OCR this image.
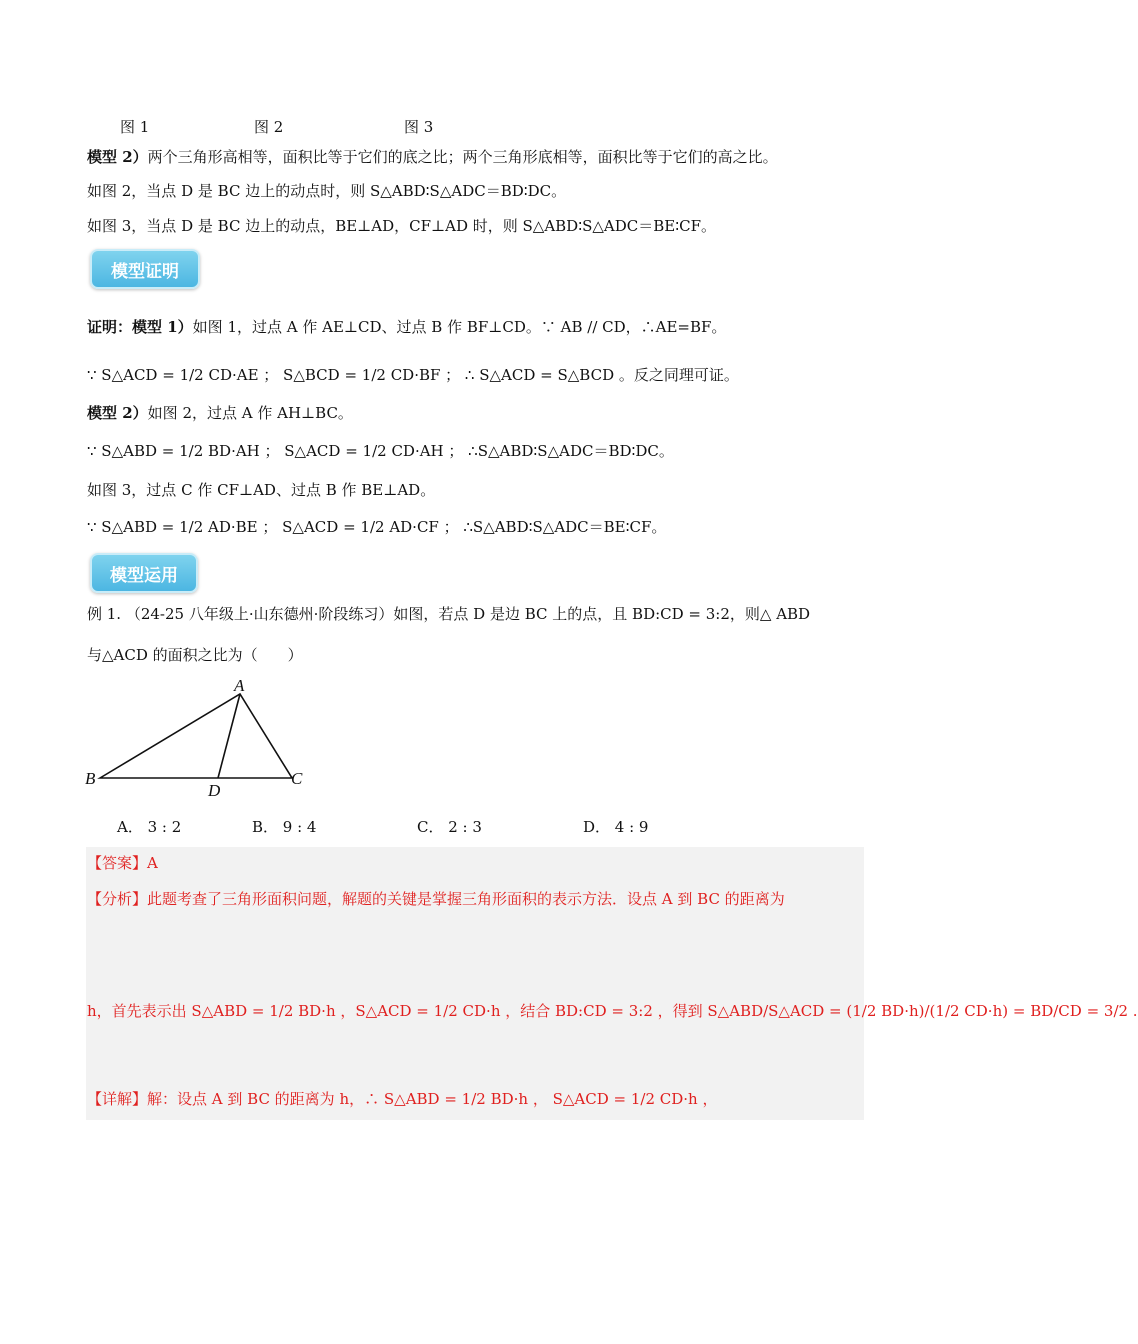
图 1	图 2	图 3
模型 2）两个三角形高相等，面积比等于它们的底之比；两个三角形底相等，面积比等于它们的高之比。
如图 2，当点 D 是 BC 边上的动点时，则 S△ABD∶S△ADC＝BD∶DC。
如图 3，当点 D 是 BC 边上的动点，BE⊥AD，CF⊥AD 时，则 S△ABD∶S△ADC＝BE∶CF。
模型证明
证明：模型 1）如图 1，过点 A 作 AE⊥CD、过点 B 作 BF⊥CD。∵ AB // CD，∴AE=BF。
∵ S△ACD = 1/2 CD·AE ； S△BCD = 1/2 CD·BF ； ∴ S△ACD = S△BCD 。反之同理可证。
模型 2）如图 2，过点 A 作 AH⊥BC。
∵ S△ABD = 1/2 BD·AH ； S△ACD = 1/2 CD·AH ； ∴S△ABD∶S△ADC＝BD∶DC。
如图 3，过点 C 作 CF⊥AD、过点 B 作 BE⊥AD。
∵ S△ABD = 1/2 AD·BE ； S△ACD = 1/2 AD·CF ； ∴S△ABD∶S△ADC＝BE∶CF。
模型运用
例 1. （24-25 八年级上·山东德州·阶段练习）如图，若点 D 是边 BC 上的点，且 BD:CD = 3:2，则△ ABD
与△ACD 的面积之比为（　　）
A
B	C
D
A． 3 : 2	B． 9 : 4	C． 2 : 3	D． 4 : 9
【答案】A
【分析】此题考查了三角形面积问题，解题的关键是掌握三角形面积的表示方法．设点 A 到 BC 的距离为
h，首先表示出 S△ABD = 1/2 BD·h ，S△ACD = 1/2 CD·h ，结合 BD:CD = 3:2 ，得到 S△ABD/S△ACD = (1/2 BD·h)/(1/2 CD·h) = BD/CD = 3/2 .
【详解】解：设点 A 到 BC 的距离为 h，∴ S△ABD = 1/2 BD·h ， S△ACD = 1/2 CD·h ，
